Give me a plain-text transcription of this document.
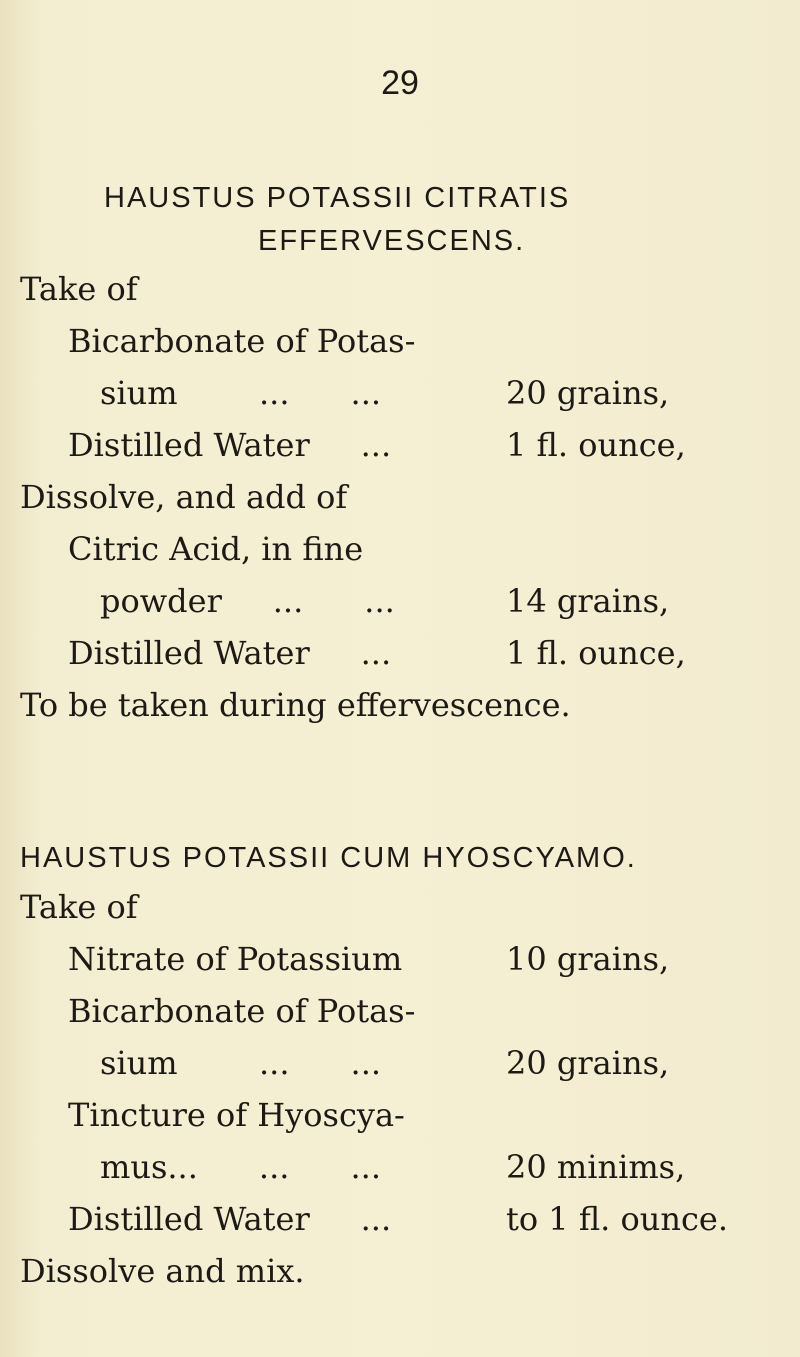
29
HAUSTUS POTASSII CITRATIS
EFFERVESCENS.
Take of
Bicarbonate of Potas-
sium        ...      ...	20 grains,
Distilled Water     ...	1 fl. ounce,
Dissolve, and add of
Citric Acid, in fine
powder     ...      ...	14 grains,
Distilled Water     ...	1 fl. ounce,
To be taken during effervescence.
HAUSTUS POTASSII CUM HYOSCYAMO.
Take of
Nitrate of Potassium	10 grains,
Bicarbonate of Potas-
sium        ...      ...	20 grains,
Tincture of Hyoscya-
mus...      ...      ...	20 minims,
Distilled Water     ...	to 1 fl. ounce.
Dissolve and mix.
